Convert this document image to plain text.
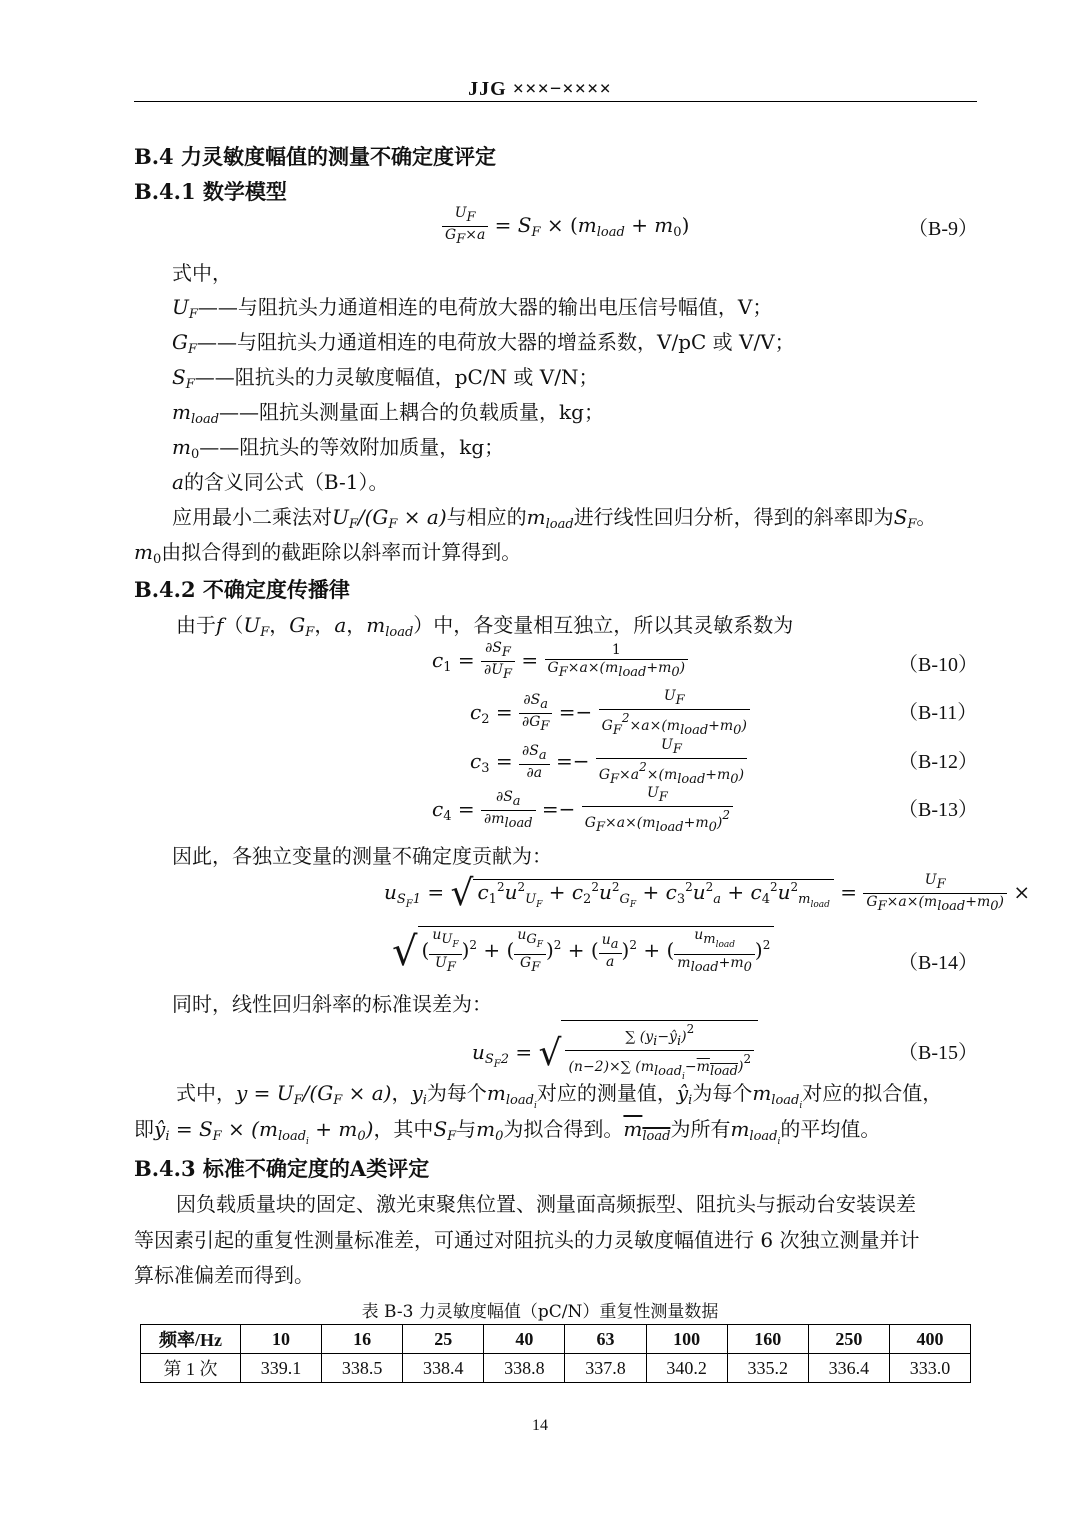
JJG ×××−××××
B.4 力灵敏度幅值的测量不确定度评定
B.4.1 数学模型
$\frac{U_F}{G_F\times a} = S_F \times (m_{load} + m_0)$	（B-9）
式中，
$U_F——$与阻抗头力通道相连的电荷放大器的输出电压信号幅值，V；
$G_F——$与阻抗头力通道相连的电荷放大器的增益系数，V/pC 或 V/V；
$S_F——$阻抗头的力灵敏度幅值，pC/N 或 V/N；
$m_{load}——$阻抗头测量面上耦合的负载质量，kg；
$m_0——$阻抗头的等效附加质量，kg；
a的含义同公式（B-1）。
应用最小二乘法对$U_F/(G_F \times a)$与相应的$m_{load}$进行线性回归分析，得到的斜率即为$S_F$。
$m_0$由拟合得到的截距除以斜率而计算得到。
B.4.2 不确定度传播律
由于$f(U_F$，$G_F$，a，$m_{load}$）中，各变量相互独立，所以其灵敏系数为
$c_1 = \frac{\partial S_F}{\partial U_F} = \frac{1}{G_F\times a\times(m_{load}+m_0)}$	（B-10）
$c_2 = \frac{\partial S_a}{\partial G_F} =- \frac{U_F}{G_F^2\times a\times(m_{load}+m_0)}$	（B-11）
$c_3 = \frac{\partial S_a}{\partial a} =- \frac{U_F}{G_F\times a^2\times(m_{load}+m_0)}$	（B-12）
$c_4 = \frac{\partial S_a}{\partial m_{load}} =- \frac{U_F}{G_F\times a\times(m_{load}+m_0)^2}$	（B-13）
因此，各独立变量的测量不确定度贡献为：
$u_{S_F1}$ = √ $c_1^2u^2_{U_F} + c_2^2u^2_{G_F} + c_3^2u^2_a + c_4^2u^2_{m_{load}} = \frac{U_F}{G_F\times a\times(m_{load}+m_0)}$ ×
√ ( $\frac{u_{U_F}}{U_F} )^2$ + ( $\frac{u_{G_F}}{G_F} )^2$ + ( $\frac{u_a}{a} )^2$ + ( $\frac{u_{m_{load}}}{m_{load}+m_0} )^2$
（B-14）
同时，线性回归斜率的标准误差为：
$u_{S_F2}$ = √ $\frac{\sum (y_i-ŷ_i)^2}{(n-2)\times\sum (m_{load_i}-m_{load})^2}$	（B-15）
式中，$y = U_F/(G_F \times a)$，$y_i$为每个$m_{load_i}$对应的测量值，$ŷ_i$为每个$m_{load_i}$对应的拟合值，
即$ŷ_i = S_F \times (m_{load_i} + m_0)$，其中$S_F$与$m_0$为拟合得到。$m_{load}$为所有$m_{load_i}$的平均值。
B.4.3 标准不确定度的A类评定
因负载质量块的固定、激光束聚焦位置、测量面高频振型、阻抗头与振动台安装误差
等因素引起的重复性测量标准差，可通过对阻抗头的力灵敏度幅值进行 6 次独立测量并计
算标准偏差而得到。
表 B-3 力灵敏度幅值（pC/N）重复性测量数据
频率/Hz	10	16	25	40	63	100	160	250	400
第 1 次	339.1	338.5	338.4	338.8	337.8	340.2	335.2	336.4	333.0
14
